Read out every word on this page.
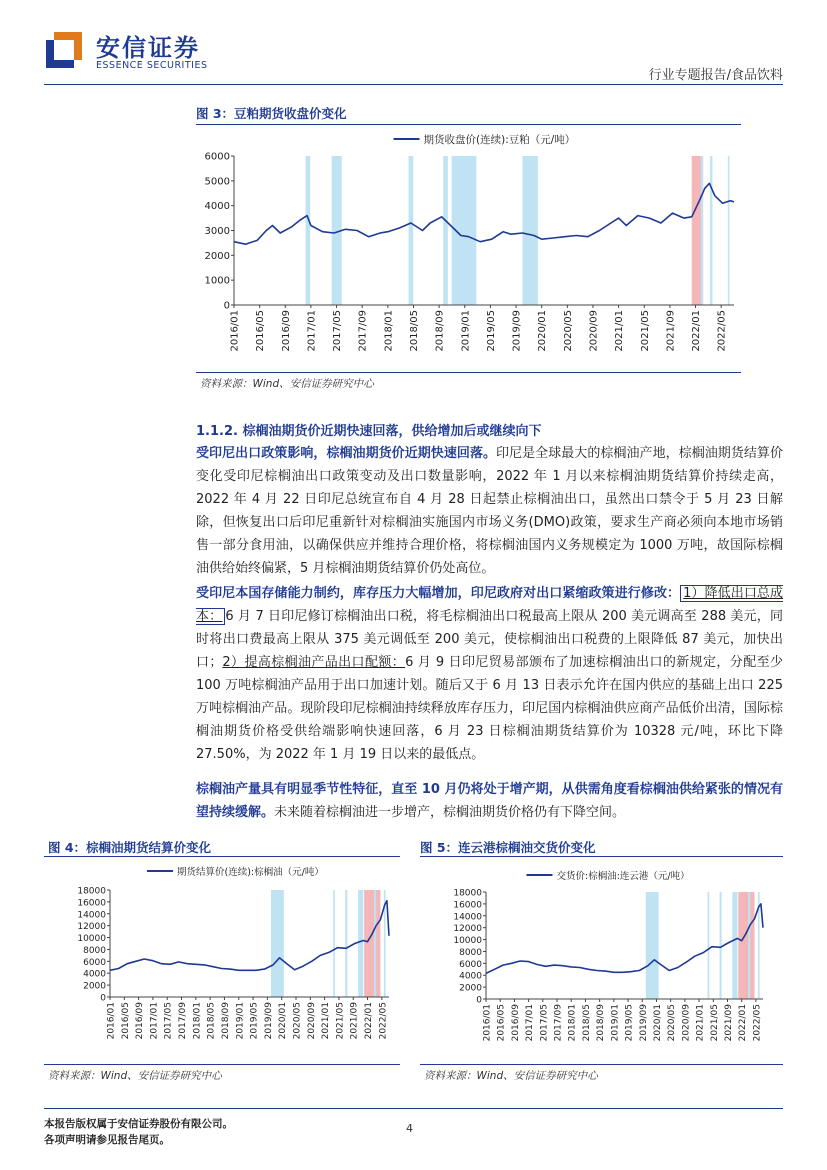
安信证券
ESSENCE SECURITIES
行业专题报告/食品饮料
图 3：豆粕期货收盘价变化
0
1000
2000
3000
4000
5000
6000
2016/01 2016/05 2016/09 2017/01 2017/05 2017/09 2018/01 2018/05 2018/09 2019/01 2019/05 2019/09 2020/01 2020/05 2020/09 2021/01 2021/05 2021/09 2022/01 2022/05
期货收盘价(连续):豆粕（元/吨）
资料来源：Wind、安信证券研究中心
1.1.2. 棕榈油期货价近期快速回落，供给增加后或继续向下
受印尼出口政策影响，棕榈油期货价近期快速回落。印尼是全球最大的棕榈油产地，棕榈油期货结算价变化受印尼棕榈油出口政策变动及出口数量影响，2022 年 1 月以来棕榈油期货结算价持续走高，2022 年 4 月 22 日印尼总统宣布自 4 月 28 日起禁止棕榈油出口，虽然出口禁令于 5 月 23 日解除，但恢复出口后印尼重新针对棕榈油实施国内市场义务(DMO)政策，要求生产商必须向本地市场销售一部分食用油，以确保供应并维持合理价格，将棕榈油国内义务规模定为 1000 万吨，故国际棕榈油供给始终偏紧，5 月棕榈油期货结算价仍处高位。
受印尼本国存储能力制约，库存压力大幅增加，印尼政府对出口紧缩政策进行修改： 1）降低出口总成本： 6 月 7 日印尼修订棕榈油出口税，将毛棕榈油出口税最高上限从 200 美元调高至 288 美元，同时将出口费最高上限从 375 美元调低至 200 美元，使棕榈油出口税费的上限降低 87 美元，加快出口；2）提高棕榈油产品出口配额：6 月 9 日印尼贸易部颁布了加速棕榈油出口的新规定，分配至少 100 万吨棕榈油产品用于出口加速计划。随后又于 6 月 13 日表示允许在国内供应的基础上出口 225 万吨棕榈油产品。现阶段印尼棕榈油持续释放库存压力，印尼国内棕榈油供应商产品低价出清，国际棕榈油期货价格受供给端影响快速回落，6 月 23 日棕榈油期货结算价为 10328 元/吨，环比下降 27.50%，为 2022 年 1 月 19 日以来的最低点。
棕榈油产量具有明显季节性特征，直至 10 月仍将处于增产期，从供需角度看棕榈油供给紧张的情况有望持续缓解。未来随着棕榈油进一步增产，棕榈油期货价格仍有下降空间。
图 4：棕榈油期货结算价变化
0
2000
4000
6000
8000
10000
12000
14000
16000
18000
2016/01 2016/05 2016/09 2017/01 2017/05 2017/09 2018/01 2018/05 2018/09 2019/01 2019/05 2019/09 2020/01 2020/05 2020/09 2021/01 2021/05 2021/09 2022/01 2022/05
期货结算价(连续):棕榈油（元/吨）
资料来源：Wind、安信证券研究中心
图 5：连云港棕榈油交货价变化
0
2000
4000
6000
8000
10000
12000
14000
16000
18000
2016/01 2016/05 2016/09 2017/01 2017/05 2017/09 2018/01 2018/05 2018/09 2019/01 2019/05 2019/09 2020/01 2020/05 2020/09 2021/01 2021/05 2021/09 2022/01 2022/05
交货价:棕榈油:连云港（元/吨）
资料来源：Wind、安信证券研究中心
本报告版权属于安信证券股份有限公司。
各项声明请参见报告尾页。
4
